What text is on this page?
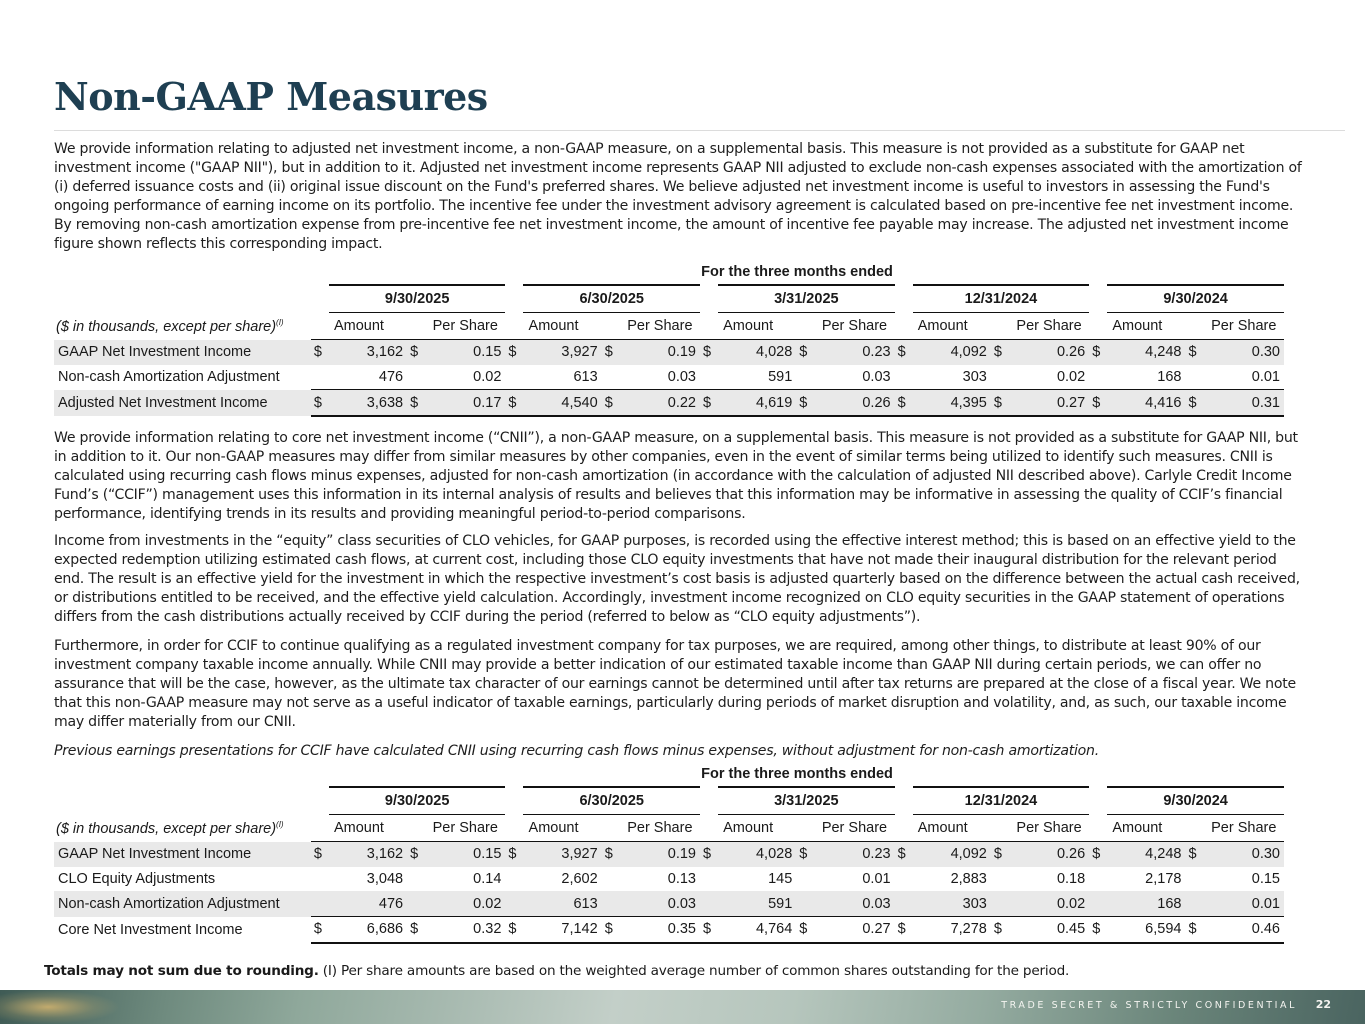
Non-GAAP Measures

We provide information relating to adjusted net investment income, a non-GAAP measure, on a supplemental basis. This measure is not provided as a substitute for GAAP net investment income ("GAAP NII"), but in addition to it. Adjusted net investment income represents GAAP NII adjusted to exclude non-cash expenses associated with the amortization of (i) deferred issuance costs and (ii) original issue discount on the Fund's preferred shares. We believe adjusted net investment income is useful to investors in assessing the Fund's ongoing performance of earning income on its portfolio. The incentive fee under the investment advisory agreement is calculated based on pre-incentive fee net investment income. By removing non-cash amortization expense from pre-incentive fee net investment income, the amount of incentive fee payable may increase. The adjusted net investment income figure shown reflects this corresponding impact.

For the three months ended
		9/30/2025				6/30/2025				3/31/2025				12/31/2024				9/30/2024		
($ in thousands, except per share)$^{(I)}$	Amount			Per Share	Amount			Per Share	Amount			Per Share	Amount			Per Share	Amount			Per Share
GAAP Net Investment Income	$	3,162	$	0.15	$	3,927	$	0.19	$	4,028	$	0.23	$	4,092	$	0.26	$	4,248	$	0.30
Non-cash Amortization Adjustment		476		0.02		613		0.03		591		0.03		303		0.02		168		0.01
Adjusted Net Investment Income	$	3,638	$	0.17	$	4,540	$	0.22	$	4,619	$	0.26	$	4,395	$	0.27	$	4,416	$	0.31

We provide information relating to core net investment income (“CNII”), a non-GAAP measure, on a supplemental basis. This measure is not provided as a substitute for GAAP NII, but in addition to it. Our non-GAAP measures may differ from similar measures by other companies, even in the event of similar terms being utilized to identify such measures. CNII is calculated using recurring cash flows minus expenses, adjusted for non-cash amortization (in accordance with the calculation of adjusted NII described above). Carlyle Credit Income Fund’s (“CCIF”) management uses this information in its internal analysis of results and believes that this information may be informative in assessing the quality of CCIF’s financial performance, identifying trends in its results and providing meaningful period-to-period comparisons.

Income from investments in the “equity” class securities of CLO vehicles, for GAAP purposes, is recorded using the effective interest method; this is based on an effective yield to the expected redemption utilizing estimated cash flows, at current cost, including those CLO equity investments that have not made their inaugural distribution for the relevant period end. The result is an effective yield for the investment in which the respective investment’s cost basis is adjusted quarterly based on the difference between the actual cash received, or distributions entitled to be received, and the effective yield calculation. Accordingly, investment income recognized on CLO equity securities in the GAAP statement of operations differs from the cash distributions actually received by CCIF during the period (referred to below as “CLO equity adjustments”).

Furthermore, in order for CCIF to continue qualifying as a regulated investment company for tax purposes, we are required, among other things, to distribute at least 90% of our investment company taxable income annually. While CNII may provide a better indication of our estimated taxable income than GAAP NII during certain periods, we can offer no assurance that will be the case, however, as the ultimate tax character of our earnings cannot be determined until after tax returns are prepared at the close of a fiscal year. We note that this non-GAAP measure may not serve as a useful indicator of taxable earnings, particularly during periods of market disruption and volatility, and, as such, our taxable income may differ materially from our CNII.

Previous earnings presentations for CCIF have calculated CNII using recurring cash flows minus expenses, without adjustment for non-cash amortization.

For the three months ended
		9/30/2025				6/30/2025				3/31/2025				12/31/2024				9/30/2024		
($ in thousands, except per share)$^{(I)}$	Amount			Per Share	Amount			Per Share	Amount			Per Share	Amount			Per Share	Amount			Per Share
GAAP Net Investment Income	$	3,162	$	0.15	$	3,927	$	0.19	$	4,028	$	0.23	$	4,092	$	0.26	$	4,248	$	0.30
CLO Equity Adjustments		3,048		0.14		2,602		0.13		145		0.01		2,883		0.18		2,178		0.15
Non-cash Amortization Adjustment		476		0.02		613		0.03		591		0.03		303		0.02		168		0.01
Core Net Investment Income	$	6,686	$	0.32	$	7,142	$	0.35	$	4,764	$	0.27	$	7,278	$	0.45	$	6,594	$	0.46

Totals may not sum due to rounding. (I) Per share amounts are based on the weighted average number of common shares outstanding for the period.

TRADE SECRET & STRICTLY CONFIDENTIAL 22
